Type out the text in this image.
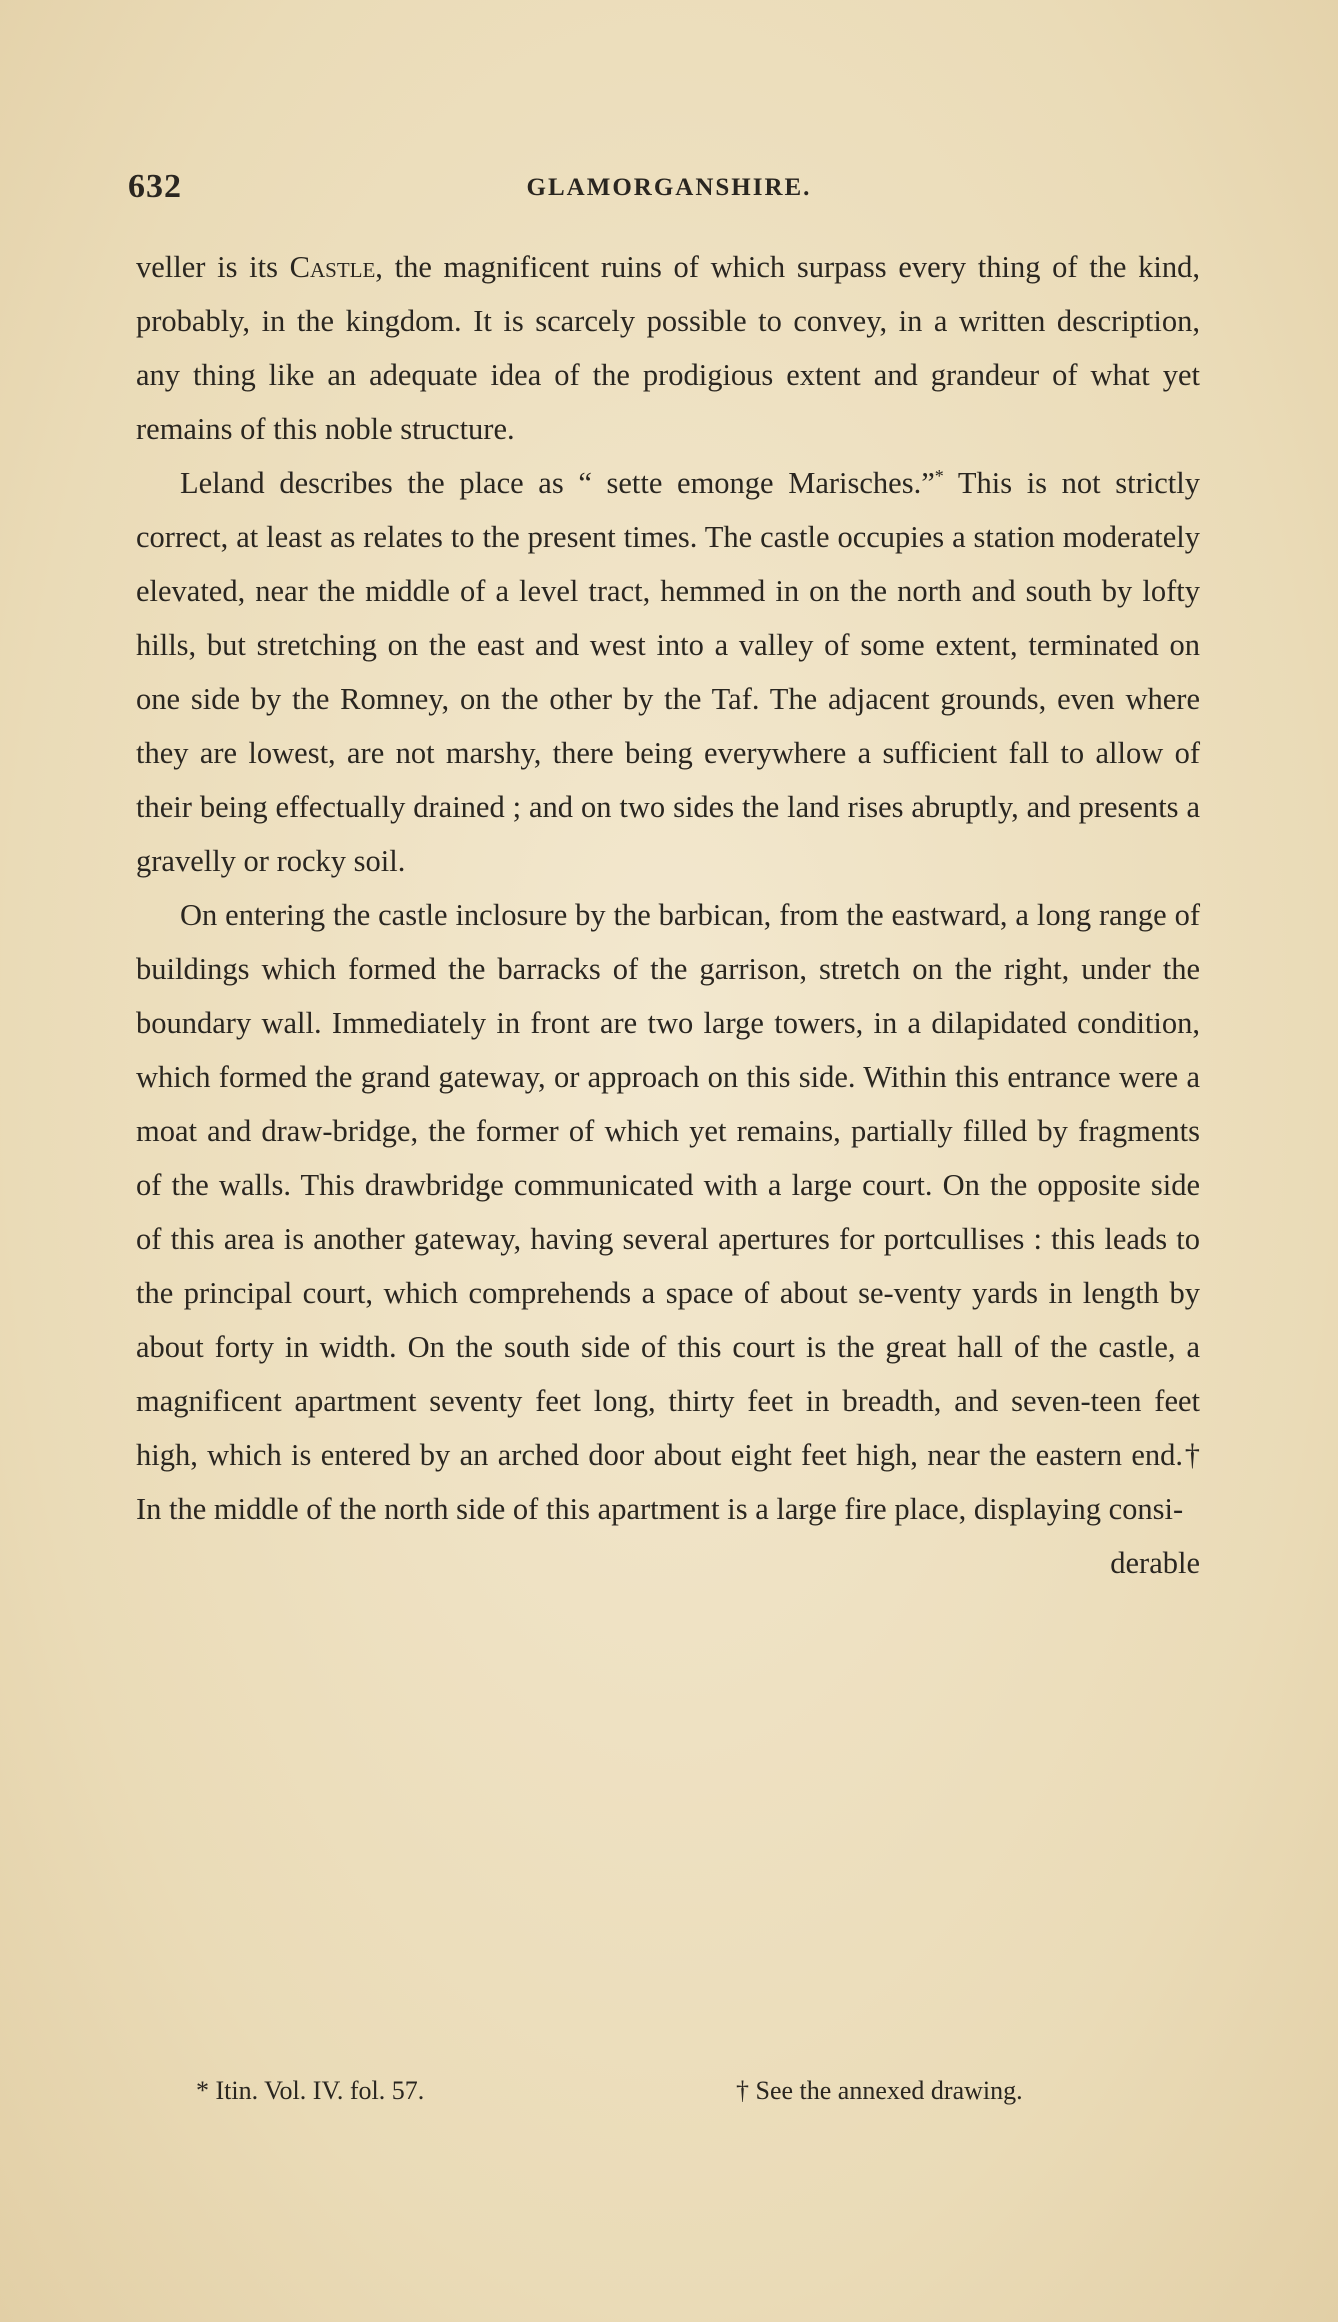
632	GLAMORGANSHIRE.

veller is its Castle, the magnificent ruins of which surpass every thing of the kind, probably, in the kingdom. It is scarcely possible to convey, in a written description, any thing like an adequate idea of the prodigious extent and grandeur of what yet remains of this noble structure.

Leland describes the place as “ sette emonge Marisches.”* This is not strictly correct, at least as relates to the present times. The castle occupies a station moderately elevated, near the middle of a level tract, hemmed in on the north and south by lofty hills, but stretching on the east and west into a valley of some extent, terminated on one side by the Romney, on the other by the Taf. The adjacent grounds, even where they are lowest, are not marshy, there being everywhere a sufficient fall to allow of their being effectually drained ; and on two sides the land rises abruptly, and presents a gravelly or rocky soil.

On entering the castle inclosure by the barbican, from the eastward, a long range of buildings which formed the barracks of the garrison, stretch on the right, under the boundary wall. Immediately in front are two large towers, in a dilapidated condition, which formed the grand gateway, or approach on this side. Within this entrance were a moat and draw-bridge, the former of which yet remains, partially filled by fragments of the walls. This drawbridge communicated with a large court. On the opposite side of this area is another gateway, having several apertures for portcullises : this leads to the principal court, which comprehends a space of about se-venty yards in length by about forty in width. On the south side of this court is the great hall of the castle, a magnificent apartment seventy feet long, thirty feet in breadth, and seven-teen feet high, which is entered by an arched door about eight feet high, near the eastern end.† In the middle of the north side of this apartment is a large fire place, displaying consi-

derable

* Itin. Vol. IV. fol. 57.	† See the annexed drawing.
